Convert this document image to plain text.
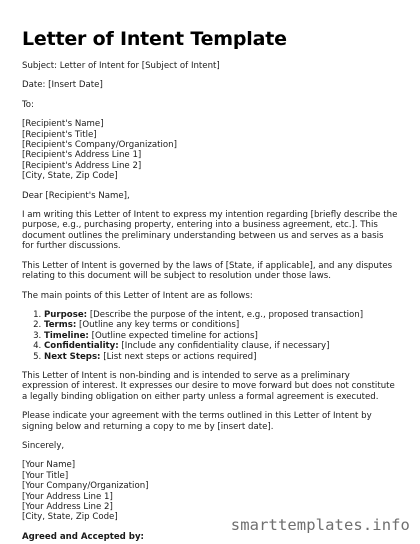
Letter of Intent Template

Subject: Letter of Intent for [Subject of Intent]

Date: [Insert Date]

To:

[Recipient's Name]

[Recipient's Title]

[Recipient's Company/Organization]

[Recipient's Address Line 1]

[Recipient's Address Line 2]

[City, State, Zip Code]

Dear [Recipient's Name],

I am writing this Letter of Intent to express my intention regarding [briefly describe the purpose, e.g., purchasing property, entering into a business agreement, etc.]. This document outlines the preliminary understanding between us and serves as a basis for further discussions.

This Letter of Intent is governed by the laws of [State, if applicable], and any disputes relating to this document will be subject to resolution under those laws.

The main points of this Letter of Intent are as follows:

1. Purpose: [Describe the purpose of the intent, e.g., proposed transaction]
2. Terms: [Outline any key terms or conditions]
3. Timeline: [Outline expected timeline for actions]
4. Confidentiality: [Include any confidentiality clause, if necessary]
5. Next Steps: [List next steps or actions required]

This Letter of Intent is non-binding and is intended to serve as a preliminary expression of interest. It expresses our desire to move forward but does not constitute a legally binding obligation on either party unless a formal agreement is executed.

Please indicate your agreement with the terms outlined in this Letter of Intent by signing below and returning a copy to me by [insert date].

Sincerely,

[Your Name]

[Your Title]

[Your Company/Organization]

[Your Address Line 1]

[Your Address Line 2]

[City, State, Zip Code]

Agreed and Accepted by:

smarttemplates.info
